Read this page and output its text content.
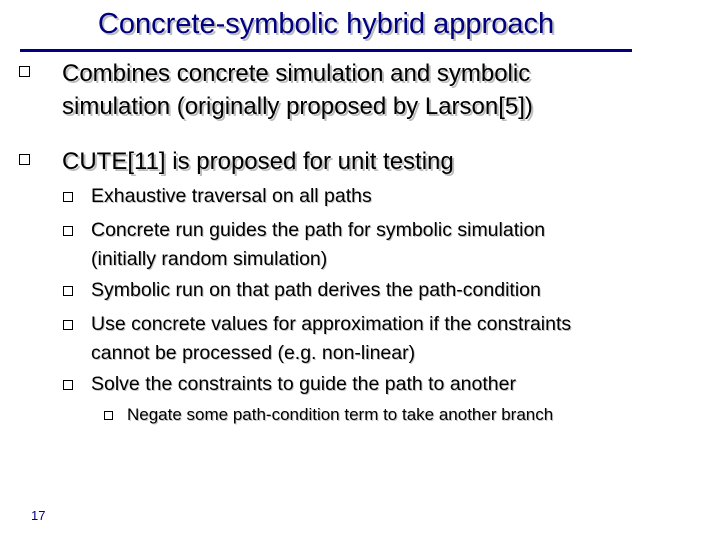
Concrete-symbolic hybrid approach
Combines concrete simulation and symbolic
simulation (originally proposed by Larson[5])
CUTE[11] is proposed for unit testing
Exhaustive traversal on all paths
Concrete run guides the path for symbolic simulation
(initially random simulation)
Symbolic run on that path derives the path-condition
Use concrete values for approximation if the constraints
cannot be processed (e.g. non-linear)
Solve the constraints to guide the path to another
Negate some path-condition term to take another branch
17
